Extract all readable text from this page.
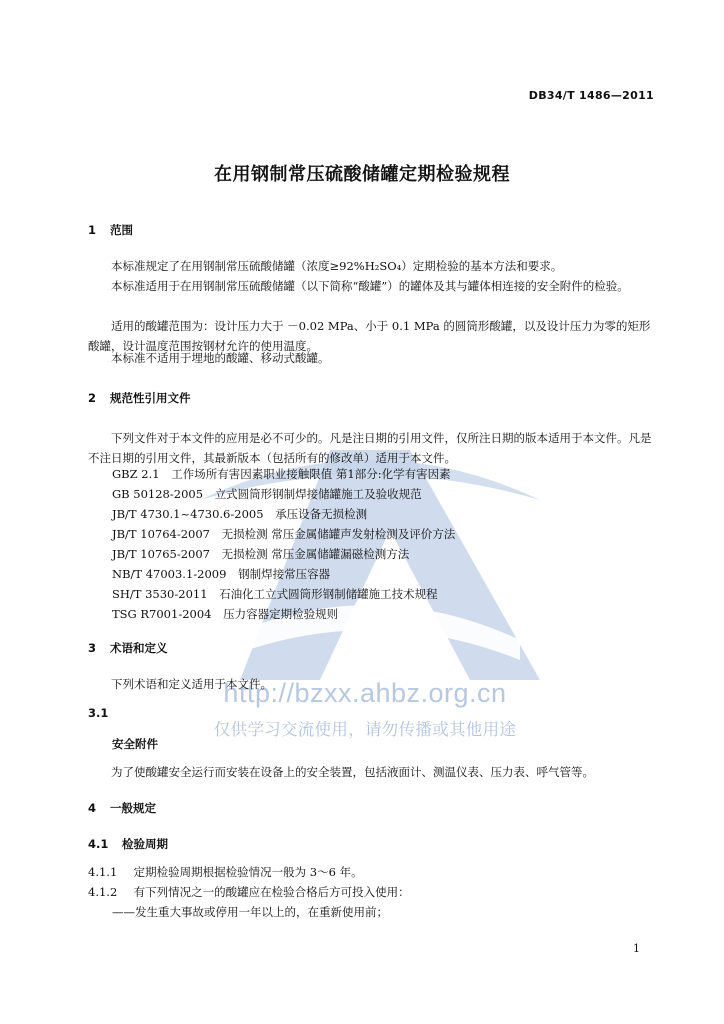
http://bzxx.ahbz.org.cn
仅供学习交流使用，请勿传播或其他用途
DB34/T 1486—2011
在用钢制常压硫酸储罐定期检验规程
1 范围
本标准规定了在用钢制常压硫酸储罐（浓度≥92%H₂SO₄）定期检验的基本方法和要求。
本标准适用于在用钢制常压硫酸储罐（以下简称“酸罐”）的罐体及其与罐体相连接的安全附件的检验。
适用的酸罐范围为：设计压力大于 －0.02 MPa、小于 0.1 MPa 的圆筒形酸罐，以及设计压力为零的矩形酸罐，设计温度范围按钢材允许的使用温度。
本标准不适用于埋地的酸罐、移动式酸罐。
2 规范性引用文件
下列文件对于本文件的应用是必不可少的。凡是注日期的引用文件，仅所注日期的版本适用于本文件。凡是不注日期的引用文件，其最新版本（包括所有的修改单）适用于本文件。
GBZ 2.1 工作场所有害因素职业接触限值 第1部分:化学有害因素
GB 50128-2005 立式圆筒形钢制焊接储罐施工及验收规范
JB/T 4730.1~4730.6-2005 承压设备无损检测
JB/T 10764-2007 无损检测 常压金属储罐声发射检测及评价方法
JB/T 10765-2007 无损检测 常压金属储罐漏磁检测方法
NB/T 47003.1-2009 钢制焊接常压容器
SH/T 3530-2011 石油化工立式圆筒形钢制储罐施工技术规程
TSG R7001-2004 压力容器定期检验规则
3 术语和定义
下列术语和定义适用于本文件。
3.1
安全附件
为了使酸罐安全运行而安装在设备上的安全装置，包括液面计、测温仪表、压力表、呼气管等。
4 一般规定
4.1 检验周期
4.1.1 定期检验周期根据检验情况一般为 3～6 年。
4.1.2 有下列情况之一的酸罐应在检验合格后方可投入使用：
——发生重大事故或停用一年以上的，在重新使用前；
1
